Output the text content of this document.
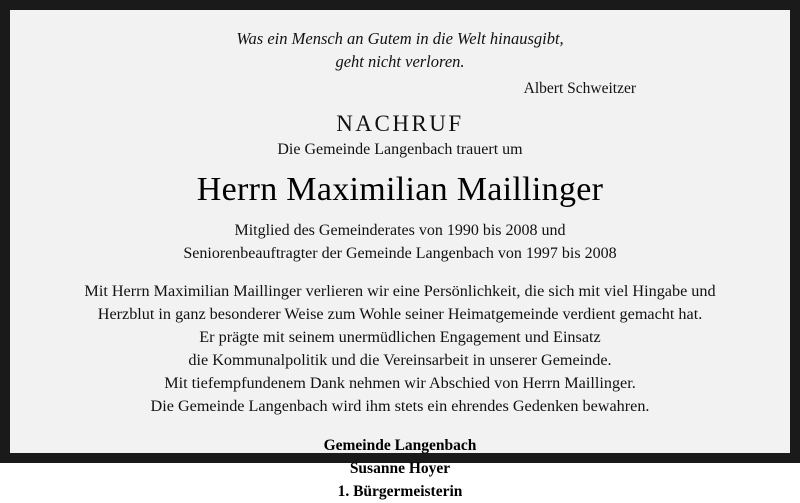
Was ein Mensch an Gutem in die Welt hinausgibt,
geht nicht verloren.
Albert Schweitzer
NACHRUF
Die Gemeinde Langenbach trauert um
Herrn Maximilian Maillinger
Mitglied des Gemeinderates von 1990 bis 2008 und
Seniorenbeauftragter der Gemeinde Langenbach von 1997 bis 2008
Mit Herrn Maximilian Maillinger verlieren wir eine Persönlichkeit, die sich mit viel Hingabe und
Herzblut in ganz besonderer Weise zum Wohle seiner Heimatgemeinde verdient gemacht hat.
Er prägte mit seinem unermüdlichen Engagement und Einsatz
die Kommunalpolitik und die Vereinsarbeit in unserer Gemeinde.
Mit tiefempfundenem Dank nehmen wir Abschied von Herrn Maillinger.
Die Gemeinde Langenbach wird ihm stets ein ehrendes Gedenken bewahren.
Gemeinde Langenbach
Susanne Hoyer
1. Bürgermeisterin
